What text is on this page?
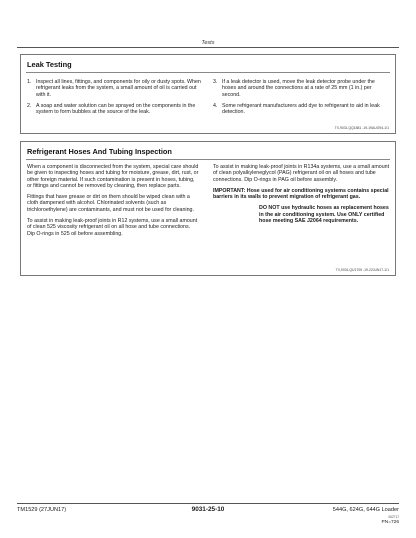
Tests
Leak Testing
1. Inspect all lines, fittings, and components for oily or dusty spots. When refrigerant leaks from the system, a small amount of oil is carried out with it.
2. A soap and water solution can be sprayed on the components in the system to form bubbles at the source of the leak.
3. If a leak detector is used, move the leak detector probe under the hoses and around the connections at a rate of 25 mm (1 in.) per second.
4. Some refrigerant manufacturers add dye to refrigerant to aid in leak detection.
TX,9031,QQ1881 -19-19AUG94-1/1
Refrigerant Hoses And Tubing Inspection

When a component is disconnected from the system, special care should be given to inspecting hoses and tubing for moisture, grease, dirt, rust, or other foreign material. If such contamination is present in hoses, tubing, or fittings and cannot be removed by cleaning, then replace parts.

Fittings that have grease or dirt on them should be wiped clean with a cloth dampened with alcohol. Chlorinated solvents (such as trichloroethylene) are contaminants, and must not be used for cleaning.

To assist in making leak-proof joints in R12 systems, use a small amount of clean 525 viscosity refrigerant oil on all hose and tube connections. Dip O-rings in 525 oil before assembling.

To assist in making leak-proof joints in R134a systems, use a small amount of clean polyalkyleneglycol (PAG) refrigerant oil on all hoses and tube connections. Dip O-rings in PAG oil before assembly.

IMPORTANT: Hose used for air conditioning systems contains special barriers in its walls to prevent migration of refrigerant gas.
DO NOT use hydraulic hoses as replacement hoses in the air conditioning system. Use ONLY certified hose meeting SAE J2064 requirements.
TX,9031,QU1705 -19-22JUN17-1/1
TM1529 (27JUN17)	9031-25-10	544G, 624G, 644G Loader
062717
PN=726
